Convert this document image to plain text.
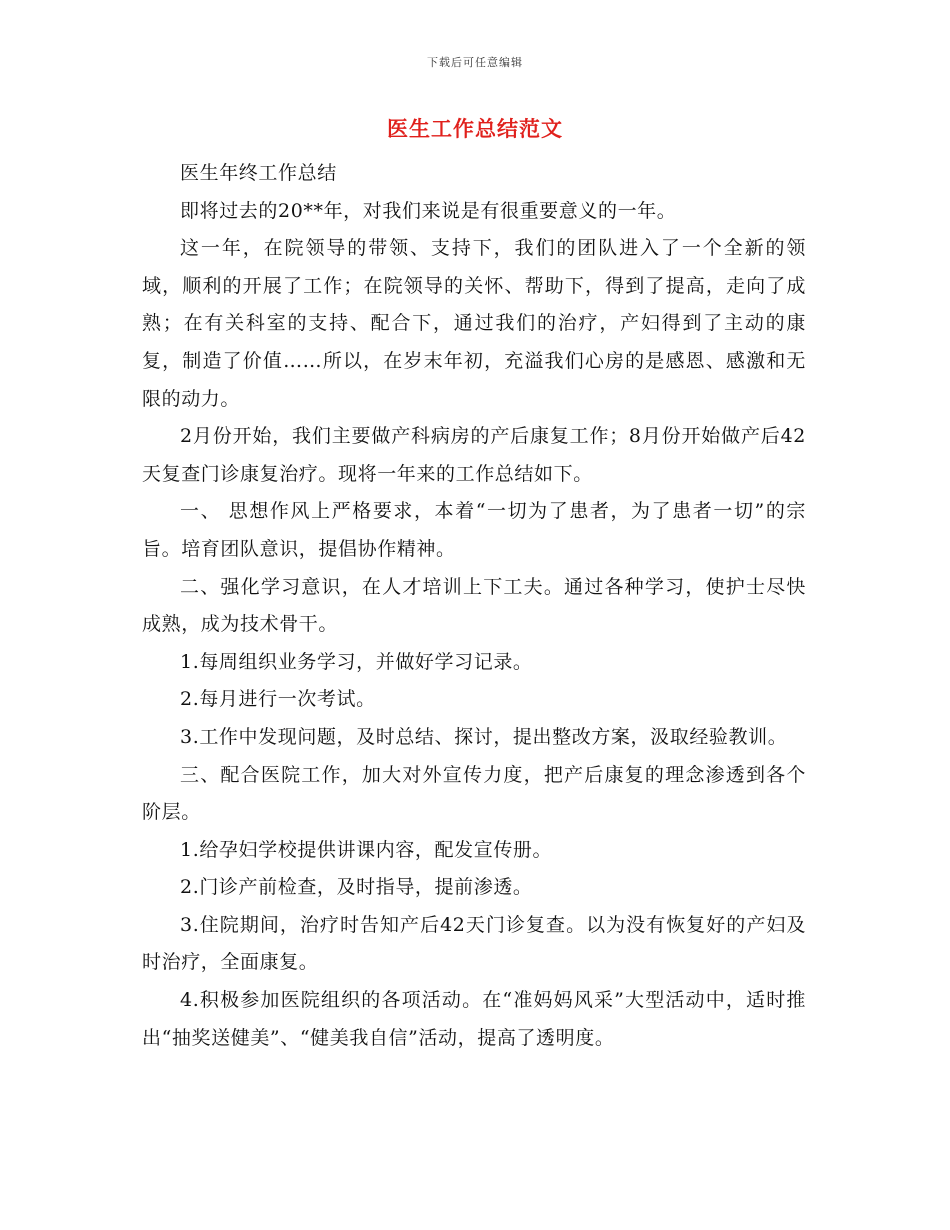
下载后可任意编辑
医生工作总结范文

医生年终工作总结

即将过去的20**年，对我们来说是有很重要意义的一年。

这一年，在院领导的带领、支持下，我们的团队进入了一个全新的领域，顺利的开展了工作；在院领导的关怀、帮助下，得到了提高，走向了成熟；在有关科室的支持、配合下，通过我们的治疗，产妇得到了主动的康复，制造了价值……所以，在岁末年初，充溢我们心房的是感恩、感激和无限的动力。

2月份开始，我们主要做产科病房的产后康复工作；8月份开始做产后42天复查门诊康复治疗。现将一年来的工作总结如下。

一、 思想作风上严格要求，本着“一切为了患者，为了患者一切”的宗旨。培育团队意识，提倡协作精神。

二、强化学习意识，在人才培训上下工夫。通过各种学习，使护士尽快成熟，成为技术骨干。

1.每周组织业务学习，并做好学习记录。

2.每月进行一次考试。

3.工作中发现问题，及时总结、探讨，提出整改方案，汲取经验教训。

三、配合医院工作，加大对外宣传力度，把产后康复的理念渗透到各个阶层。

1.给孕妇学校提供讲课内容，配发宣传册。

2.门诊产前检查，及时指导，提前渗透。

3.住院期间，治疗时告知产后42天门诊复查。以为没有恢复好的产妇及时治疗，全面康复。

4.积极参加医院组织的各项活动。在“准妈妈风采”大型活动中，适时推出“抽奖送健美”、“健美我自信”活动，提高了透明度。
